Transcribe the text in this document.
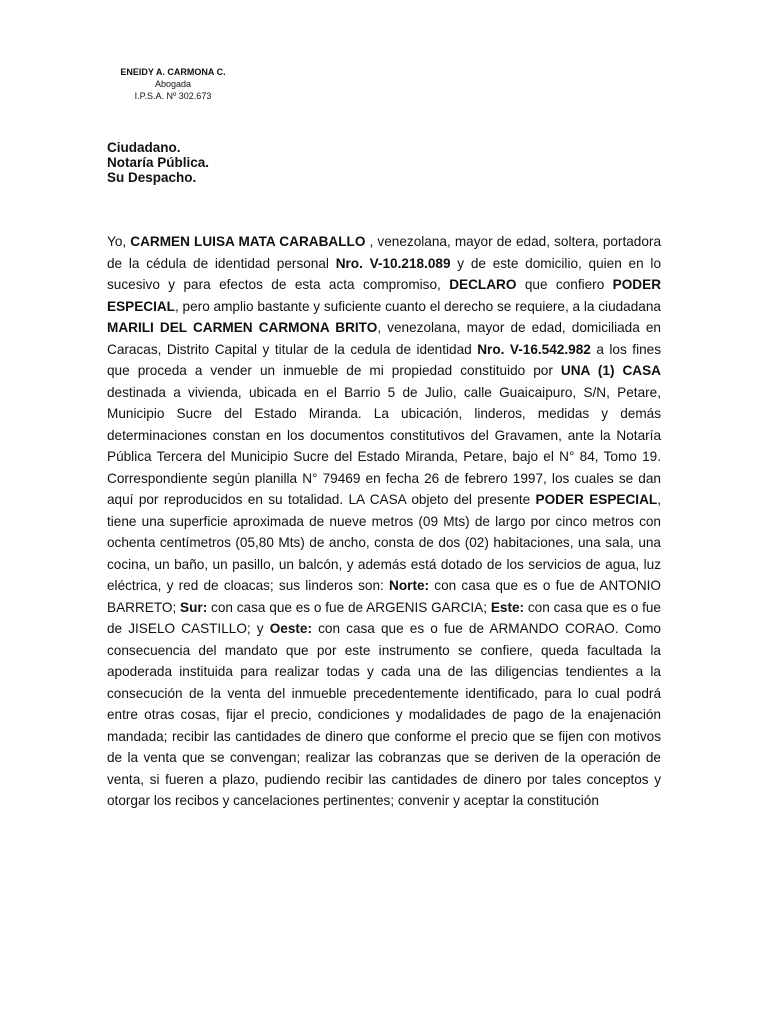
ENEIDY A. CARMONA C.
Abogada
I.P.S.A. Nº 302.673
Ciudadano.
Notaría Pública.
Su Despacho.
Yo, CARMEN LUISA MATA CARABALLO , venezolana, mayor de edad, soltera, portadora de la cédula de identidad personal Nro. V-10.218.089 y de este domicilio, quien en lo sucesivo y para efectos de esta acta compromiso, DECLARO que confiero PODER ESPECIAL, pero amplio bastante y suficiente cuanto el derecho se requiere, a la ciudadana MARILI DEL CARMEN CARMONA BRITO, venezolana, mayor de edad, domiciliada en Caracas, Distrito Capital y titular de la cedula de identidad Nro. V-16.542.982 a los fines que proceda a vender un inmueble de mi propiedad constituido por UNA (1) CASA destinada a vivienda, ubicada en el Barrio 5 de Julio, calle Guaicaipuro, S/N, Petare, Municipio Sucre del Estado Miranda. La ubicación, linderos, medidas y demás determinaciones constan en los documentos constitutivos del Gravamen, ante la Notaría Pública Tercera del Municipio Sucre del Estado Miranda, Petare, bajo el N° 84, Tomo 19. Correspondiente según planilla N° 79469 en fecha 26 de febrero 1997, los cuales se dan aquí por reproducidos en su totalidad. LA CASA objeto del presente PODER ESPECIAL, tiene una superficie aproximada de nueve metros (09 Mts) de largo por cinco metros con ochenta centímetros (05,80 Mts) de ancho, consta de dos (02) habitaciones, una sala, una cocina, un baño, un pasillo, un balcón, y además está dotado de los servicios de agua, luz eléctrica, y red de cloacas; sus linderos son: Norte: con casa que es o fue de ANTONIO BARRETO; Sur: con casa que es o fue de ARGENIS GARCIA; Este: con casa que es o fue de JISELO CASTILLO; y Oeste: con casa que es o fue de ARMANDO CORAO. Como consecuencia del mandato que por este instrumento se confiere, queda facultada la apoderada instituida para realizar todas y cada una de las diligencias tendientes a la consecución de la venta del inmueble precedentemente identificado, para lo cual podrá entre otras cosas, fijar el precio, condiciones y modalidades de pago de la enajenación mandada; recibir las cantidades de dinero que conforme el precio que se fijen con motivos de la venta que se convengan; realizar las cobranzas que se deriven de la operación de venta, si fueren a plazo, pudiendo recibir las cantidades de dinero por tales conceptos y otorgar los recibos y cancelaciones pertinentes; convenir y aceptar la constitución
